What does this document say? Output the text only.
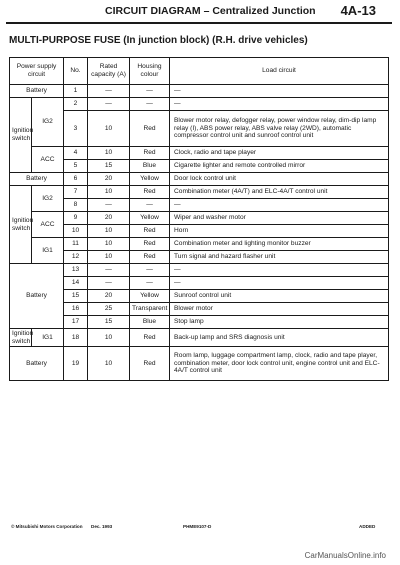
CIRCUIT DIAGRAM – Centralized Junction 4A-13
MULTI-PURPOSE FUSE (In junction block) (R.H. drive vehicles)
Power supply circuit		No.	Rated capacity (A)	Housing colour	Load circuit
Battery		1	—	—	—
Ignition switch	IG2	2	—	—	—
		3	10	Red	Blower motor relay, defogger relay, power window relay, dim-dip lamp relay (I), ABS power relay, ABS valve relay (2WD), automatic compressor control unit and sunroof control unit
	ACC	4	10	Red	Clock, radio and tape player
		5	15	Blue	Cigarette lighter and remote controlled mirror
Battery		6	20	Yellow	Door lock control unit
Ignition switch	IG2	7	10	Red	Combination meter (4A/T) and ELC-4A/T control unit
		8	—	—	—
	ACC	9	20	Yellow	Wiper and washer motor
		10	10	Red	Horn
	IG1	11	10	Red	Combination meter and lighting monitor buzzer
		12	10	Red	Turn signal and hazard flasher unit
Battery		13	—	—	—
		14	—	—	—
		15	20	Yellow	Sunroof control unit
		16	25	Transparent	Blower motor
		17	15	Blue	Stop lamp
Ignition switch	IG1	18	10	Red	Back-up lamp and SRS diagnosis unit
Battery		19	10	Red	Room lamp, luggage compartment lamp, clock, radio and tape player, combination meter, door lock control unit, engine control unit and ELC-4A/T control unit
© Mitsubishi Motors Corporation Dec. 1993	PHME9107-D	ADDED
CarManualsOnline.info
